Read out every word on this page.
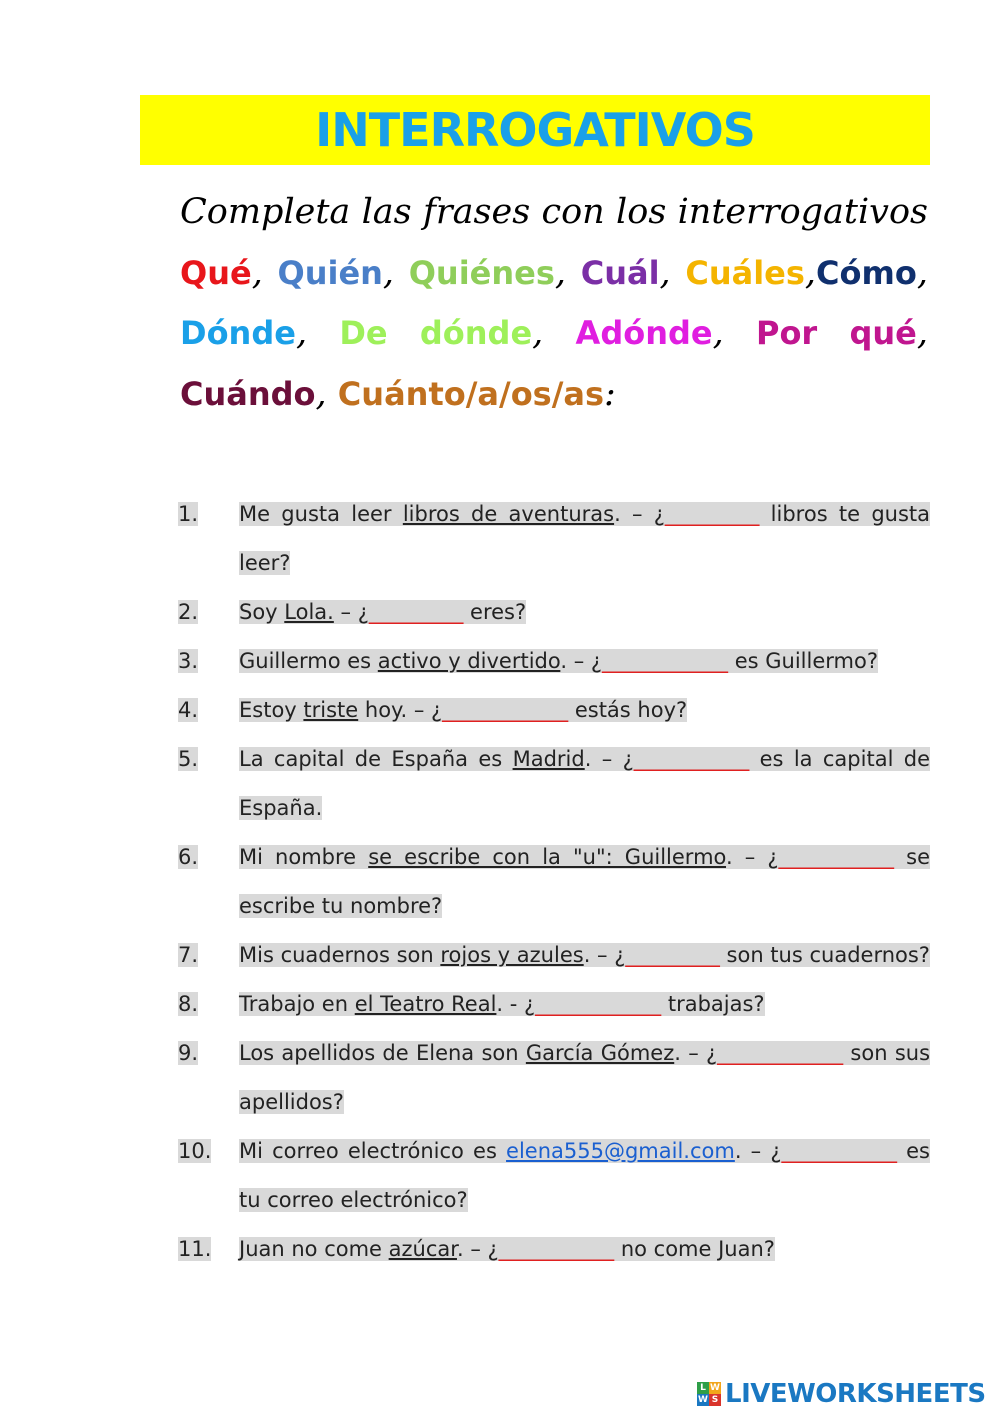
INTERROGATIVOS
Completa las frases con los interrogativos Qué, Quién, Quiénes, Cuál, Cuáles,Cómo, Dónde, De dónde, Adónde, Por qué, Cuándo, Cuánto/a/os/as:
1. Me gusta leer libros de aventuras. – ¿_________ libros te gusta leer?
2. Soy Lola. – ¿_________ eres?
3. Guillermo es activo y divertido. – ¿____________ es Guillermo?
4. Estoy triste hoy. – ¿____________ estás hoy?
5. La capital de España es Madrid. – ¿___________ es la capital de España.
6. Mi nombre se escribe con la "u": Guillermo. – ¿___________ se escribe tu nombre?
7. Mis cuadernos son rojos y azules. – ¿_________ son tus cuadernos?
8. Trabajo en el Teatro Real. - ¿____________ trabajas?
9. Los apellidos de Elena son García Gómez. – ¿____________ son sus apellidos?
10. Mi correo electrónico es elena555@gmail.com. – ¿___________ es tu correo electrónico?
11. Juan no come azúcar. – ¿___________ no come Juan?
L W
W S LIVEWORKSHEETS
